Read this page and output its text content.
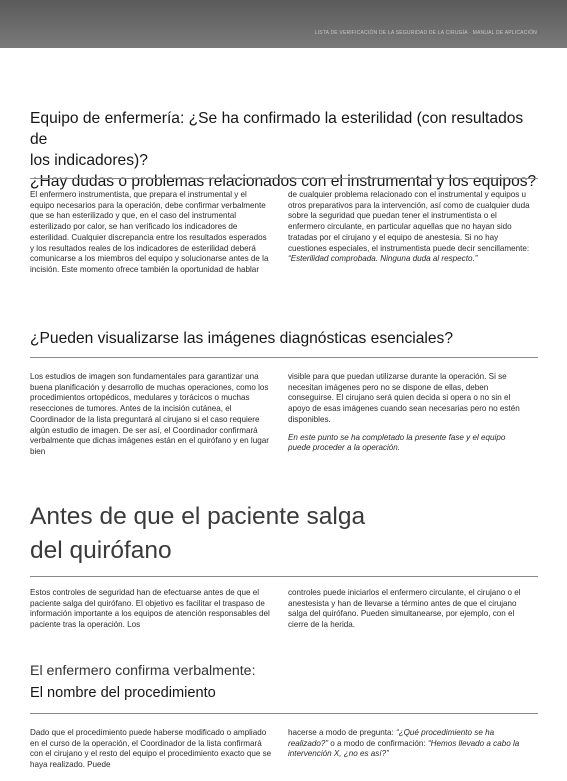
LISTA DE VERIFICACIÓN DE LA SEGURIDAD DE LA CIRUGÍA · MANUAL DE APLICACIÓN
Equipo de enfermería: ¿Se ha confirmado la esterilidad (con resultados de
los indicadores)?
¿Hay dudas o problemas relacionados con el instrumental y los equipos?

El enfermero instrumentista, que prepara el instrumental y el equipo necesarios para la operación, debe confirmar verbalmente que se han esterilizado y que, en el caso del instrumental esterilizado por calor, se han verificado los indicadores de esterilidad. Cualquier discrepancia entre los resultados esperados y los resultados reales de los indicadores de esterilidad deberá comunicarse a los miembros del equipo y solucionarse antes de la incisión. Este momento ofrece también la oportunidad de hablar

de cualquier problema relacionado con el instrumental y equipos u otros preparativos para la intervención, así como de cualquier duda sobre la seguridad que puedan tener el instrumentista o el enfermero circulante, en particular aquellas que no hayan sido tratadas por el cirujano y el equipo de anestesia. Si no hay cuestiones especiales, el instrumentista puede decir sencillamente: “Esterilidad comprobada. Ninguna duda al respecto.”

¿Pueden visualizarse las imágenes diagnósticas esenciales?

Los estudios de imagen son fundamentales para garantizar una buena planificación y desarrollo de muchas operaciones, como los procedimientos ortopédicos, medulares y torácicos o muchas resecciones de tumores. Antes de la incisión cutánea, el Coordinador de la lista preguntará al cirujano si el caso requiere algún estudio de imagen. De ser así, el Coordinador confirmará verbalmente que dichas imágenes están en el quirófano y en lugar bien

visible para que puedan utilizarse durante la operación. Si se necesitan imágenes pero no se dispone de ellas, deben conseguirse. El cirujano será quien decida si opera o no sin el apoyo de esas imágenes cuando sean necesarias pero no estén disponibles.

En este punto se ha completado la presente fase y el equipo puede proceder a la operación.

Antes de que el paciente salga
del quirófano

Estos controles de seguridad han de efectuarse antes de que el paciente salga del quirófano. El objetivo es facilitar el traspaso de información importante a los equipos de atención responsables del paciente tras la operación. Los

controles puede iniciarlos el enfermero circulante, el cirujano o el anestesista y han de llevarse a término antes de que el cirujano salga del quirófano. Pueden simultanearse, por ejemplo, con el cierre de la herida.

El enfermero confirma verbalmente:
El nombre del procedimiento

Dado que el procedimiento puede haberse modificado o ampliado en el curso de la operación, el Coordinador de la lista confirmará con el cirujano y el resto del equipo el procedimiento exacto que se haya realizado. Puede

hacerse a modo de pregunta: “¿Qué procedimiento se ha realizado?” o a modo de confirmación: “Hemos llevado a cabo la intervención X, ¿no es así?”
